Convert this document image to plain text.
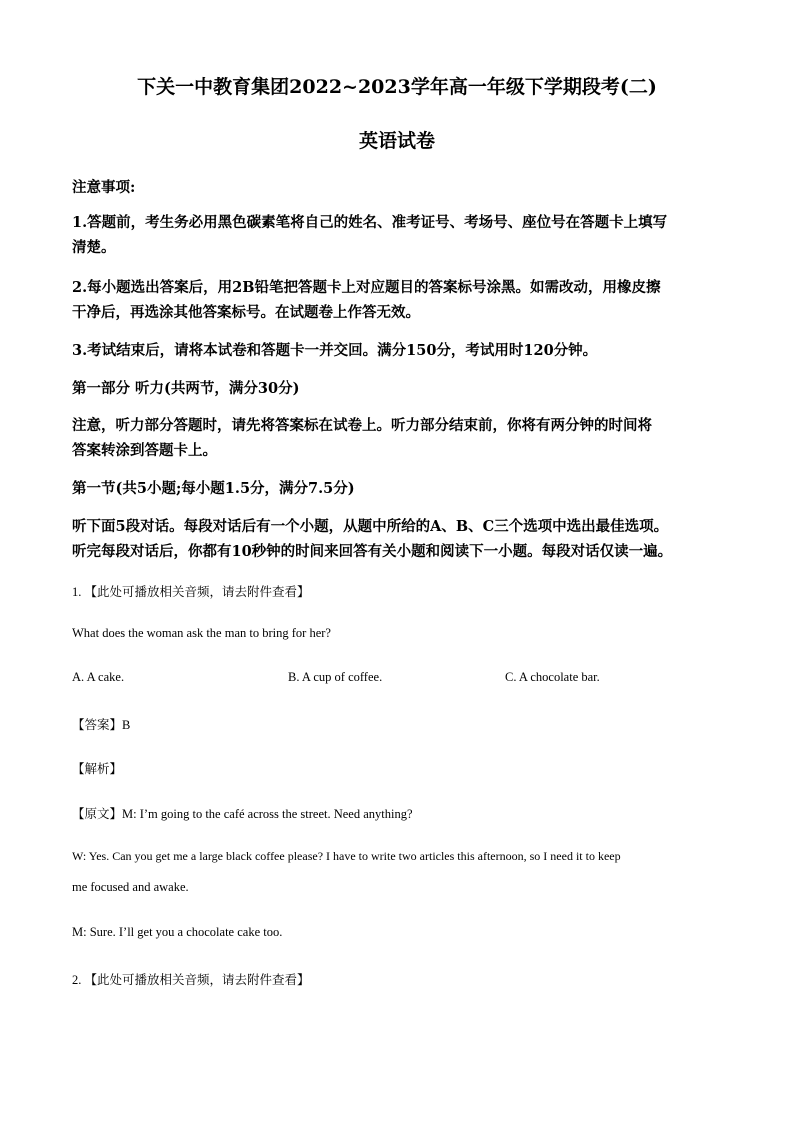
下关一中教育集团2022~2023学年高一年级下学期段考(二)
英语试卷
注意事项:
1.答题前，考生务必用黑色碳素笔将自己的姓名、准考证号、考场号、座位号在答题卡上填写
清楚。
2.每小题选出答案后，用2B铅笔把答题卡上对应题目的答案标号涂黑。如需改动，用橡皮擦
干净后，再选涂其他答案标号。在试题卷上作答无效。
3.考试结束后，请将本试卷和答题卡一并交回。满分150分，考试用时120分钟。
第一部分 听力(共两节，满分30分)
注意，听力部分答题时，请先将答案标在试卷上。听力部分结束前，你将有两分钟的时间将
答案转涂到答题卡上。
第一节(共5小题;每小题1.5分，满分7.5分)
听下面5段对话。每段对话后有一个小题，从题中所给的A、B、C三个选项中选出最佳选项。
听完每段对话后，你都有10秒钟的时间来回答有关小题和阅读下一小题。每段对话仅读一遍。
1. 【此处可播放相关音频，请去附件查看】
What does the woman ask the man to bring for her?
A. A cake.	B. A cup of coffee.	C. A chocolate bar.
【答案】B
【解析】
【原文】M: I’m going to the café across the street. Need anything?
W: Yes. Can you get me a large black coffee please? I have to write two articles this afternoon, so I need it to keep
me focused and awake.
M: Sure. I’ll get you a chocolate cake too.
2. 【此处可播放相关音频，请去附件查看】
